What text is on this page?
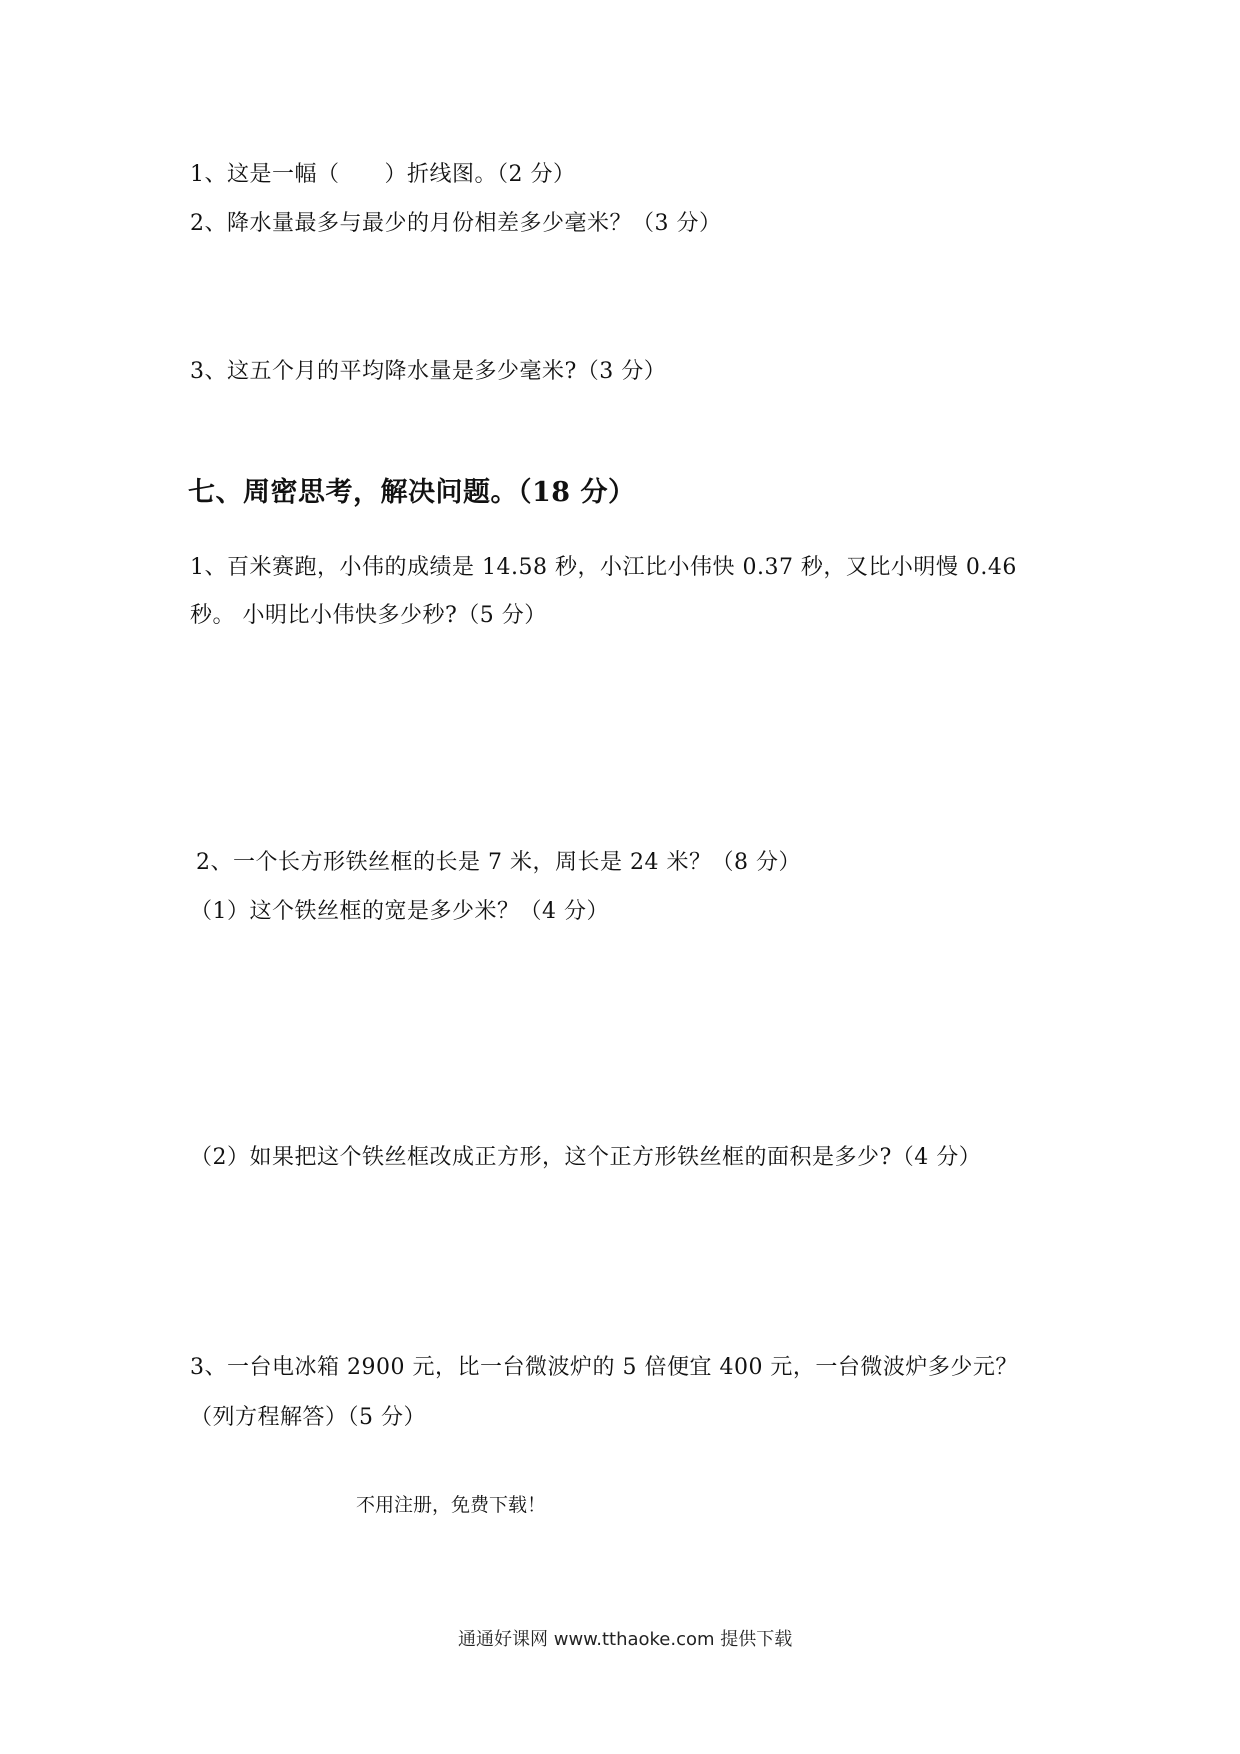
1、这是一幅（　　）折线图。（2 分）
2、降水量最多与最少的月份相差多少毫米？（3 分）
3、这五个月的平均降水量是多少毫米?（3 分）
七、周密思考，解决问题。（18 分）
1、百米赛跑，小伟的成绩是 14.58 秒，小江比小伟快 0.37 秒，又比小明慢 0.46
秒。 小明比小伟快多少秒?（5 分）
2、一个长方形铁丝框的长是 7 米，周长是 24 米？（8 分）
（1）这个铁丝框的宽是多少米？（4 分）
（2）如果把这个铁丝框改成正方形，这个正方形铁丝框的面积是多少?（4 分）
3、一台电冰箱 2900 元，比一台微波炉的 5 倍便宜 400 元，一台微波炉多少元？
（列方程解答）（5 分）
不用注册，免费下载！
通通好课网 www.tthaoke.com 提供下载
